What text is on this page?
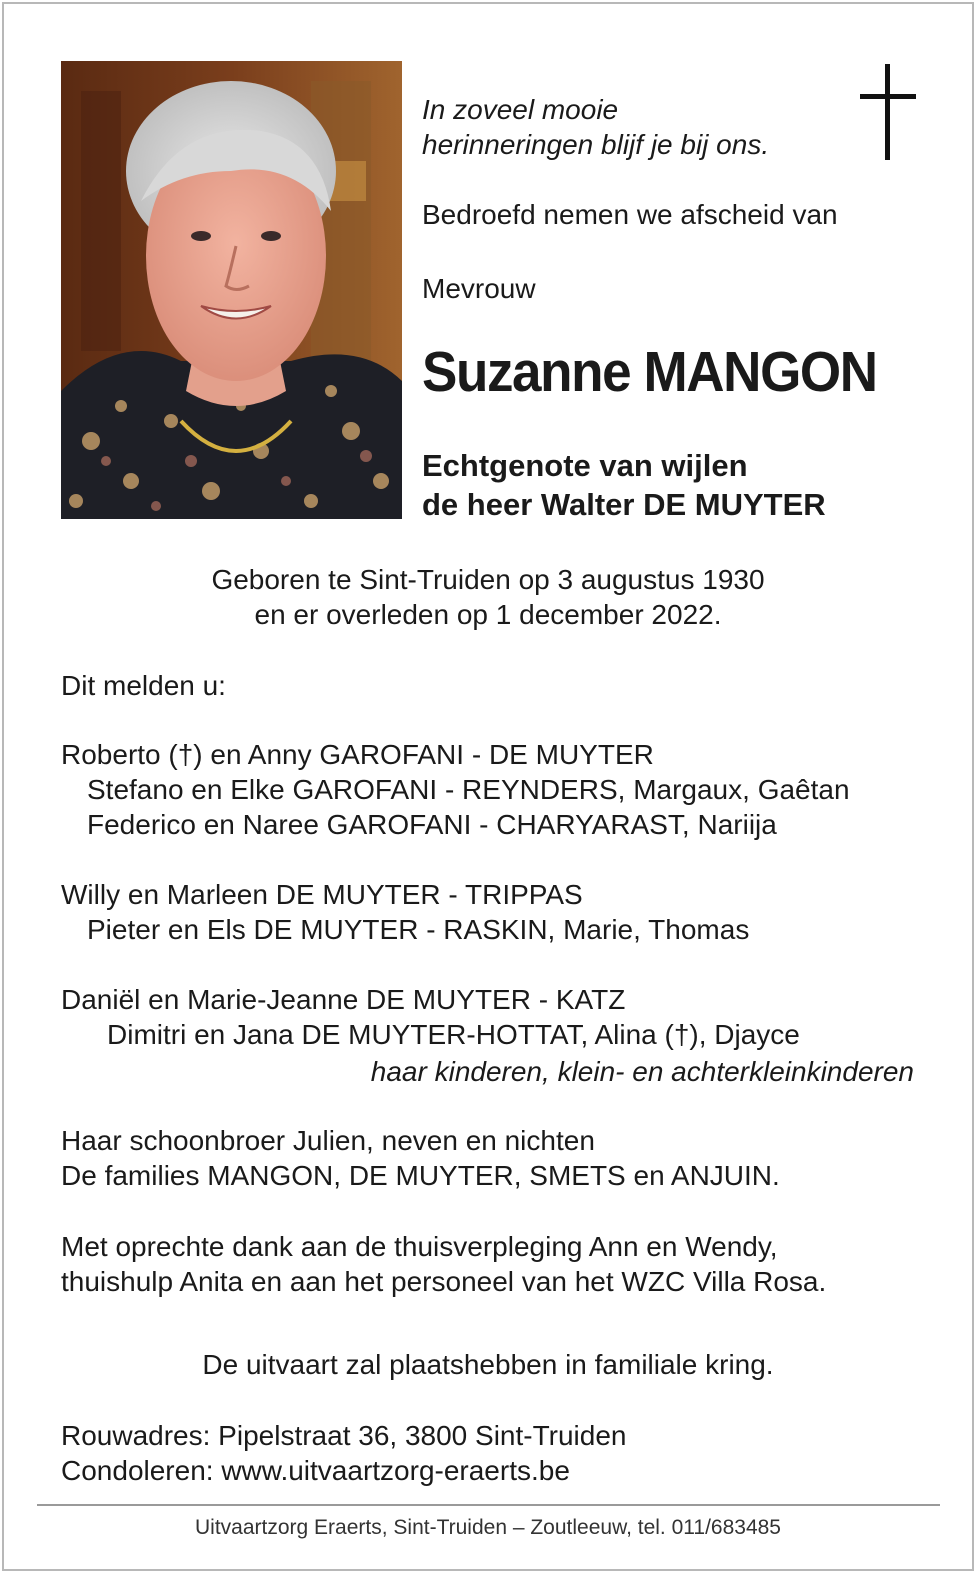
In zoveel mooie
herinneringen blijf je bij ons.
Bedroefd nemen we afscheid van
Mevrouw
Suzanne MANGON
Echtgenote van wijlen
de heer Walter DE MUYTER
Geboren te Sint-Truiden op 3 augustus 1930
en er overleden op 1 december 2022.
Dit melden u:
Roberto (†) en Anny GAROFANI - DE MUYTER
Stefano en Elke GAROFANI - REYNDERS, Margaux, Gaêtan
Federico en Naree GAROFANI - CHARYARAST, Nariija
Willy en Marleen DE MUYTER - TRIPPAS
Pieter en Els DE MUYTER - RASKIN, Marie, Thomas
Daniël en Marie-Jeanne DE MUYTER - KATZ
Dimitri en Jana DE MUYTER-HOTTAT, Alina (†), Djayce
haar kinderen, klein- en achterkleinkinderen
Haar schoonbroer Julien, neven en nichten
De families MANGON, DE MUYTER, SMETS en ANJUIN.
Met oprechte dank aan de thuisverpleging Ann en Wendy,
thuishulp Anita en aan het personeel van het WZC Villa Rosa.
De uitvaart zal plaatshebben in familiale kring.
Rouwadres: Pipelstraat 36, 3800 Sint-Truiden
Condoleren: www.uitvaartzorg-eraerts.be
Uitvaartzorg Eraerts, Sint-Truiden – Zoutleeuw, tel. 011/683485
